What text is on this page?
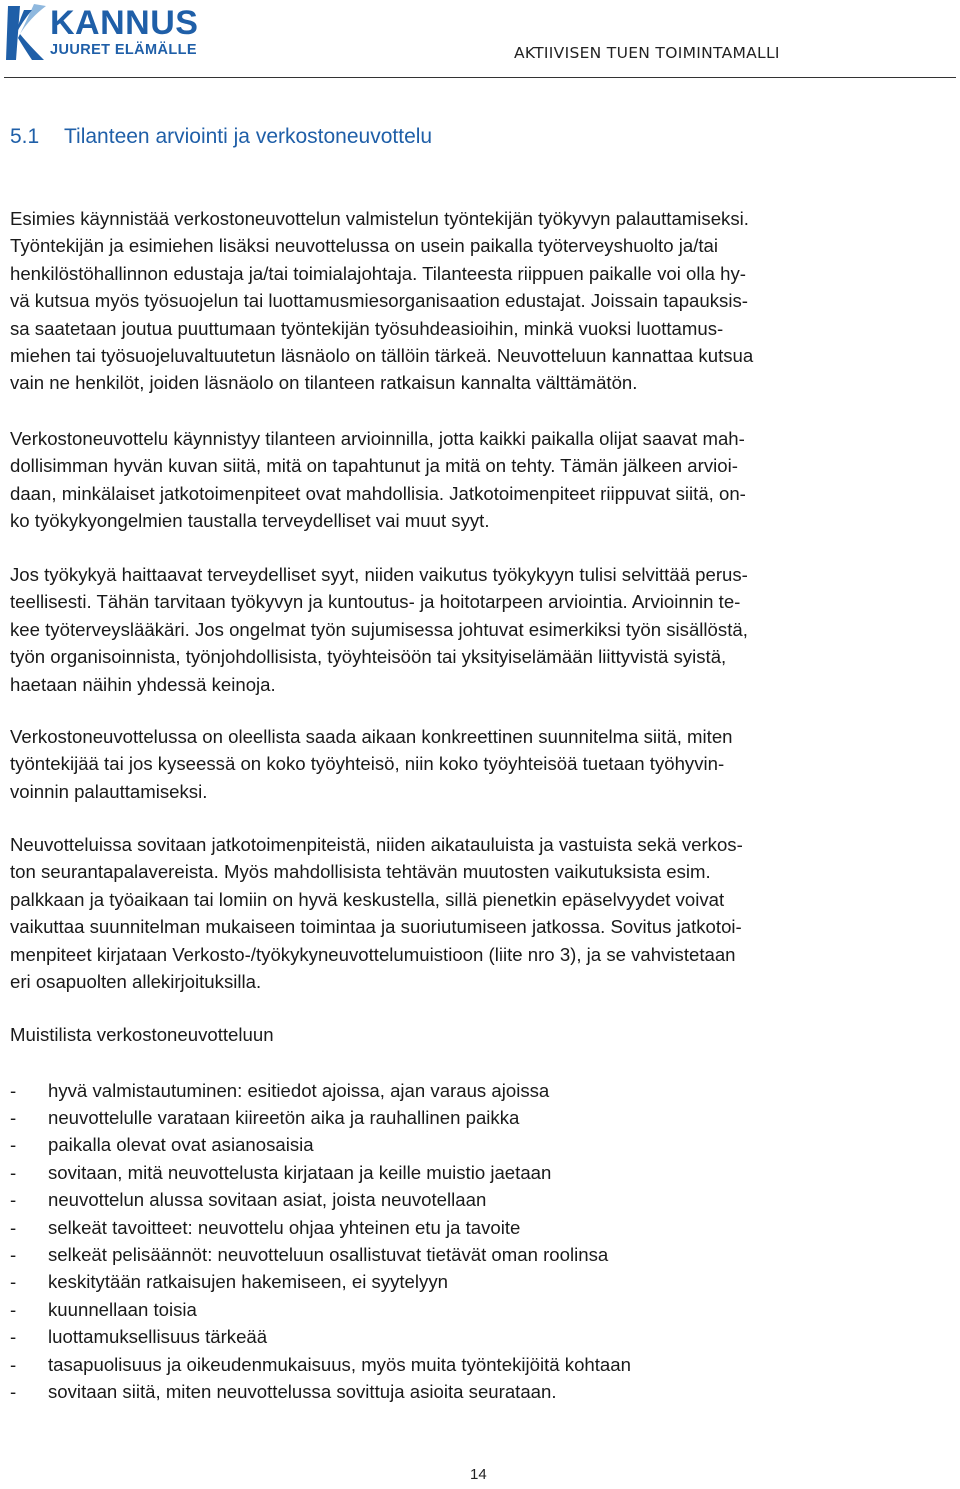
KANNUS
JUURET ELÄMÄLLE	AKTIIVISEN TUEN TOIMINTAMALLI
5.1 Tilanteen arviointi ja verkostoneuvottelu

Esimies käynnistää verkostoneuvottelun valmistelun työntekijän työkyvyn palauttamiseksi.
Työntekijän ja esimiehen lisäksi neuvottelussa on usein paikalla työterveyshuolto ja/tai
henkilöstöhallinnon edustaja ja/tai toimialajohtaja. Tilanteesta riippuen paikalle voi olla hy-
vä kutsua myös työsuojelun tai luottamusmiesorganisaation edustajat. Joissain tapauksis-
sa saatetaan joutua puuttumaan työntekijän työsuhdeasioihin, minkä vuoksi luottamus-
miehen tai työsuojeluvaltuutetun läsnäolo on tällöin tärkeä. Neuvotteluun kannattaa kutsua
vain ne henkilöt, joiden läsnäolo on tilanteen ratkaisun kannalta välttämätön.

Verkostoneuvottelu käynnistyy tilanteen arvioinnilla, jotta kaikki paikalla olijat saavat mah-
dollisimman hyvän kuvan siitä, mitä on tapahtunut ja mitä on tehty. Tämän jälkeen arvioi-
daan, minkälaiset jatkotoimenpiteet ovat mahdollisia. Jatkotoimenpiteet riippuvat siitä, on-
ko työkykyongelmien taustalla terveydelliset vai muut syyt.

Jos työkykyä haittaavat terveydelliset syyt, niiden vaikutus työkykyyn tulisi selvittää perus-
teellisesti. Tähän tarvitaan työkyvyn ja kuntoutus- ja hoitotarpeen arviointia. Arvioinnin te-
kee työterveyslääkäri. Jos ongelmat työn sujumisessa johtuvat esimerkiksi työn sisällöstä,
työn organisoinnista, työnjohdollisista, työyhteisöön tai yksityiselämään liittyvistä syistä,
haetaan näihin yhdessä keinoja.

Verkostoneuvottelussa on oleellista saada aikaan konkreettinen suunnitelma siitä, miten
työntekijää tai jos kyseessä on koko työyhteisö, niin koko työyhteisöä tuetaan työhyvin-
voinnin palauttamiseksi.

Neuvotteluissa sovitaan jatkotoimenpiteistä, niiden aikatauluista ja vastuista sekä verkos-
ton seurantapalavereista. Myös mahdollisista tehtävän muutosten vaikutuksista esim.
palkkaan ja työaikaan tai lomiin on hyvä keskustella, sillä pienetkin epäselvyydet voivat
vaikuttaa suunnitelman mukaiseen toimintaa ja suoriutumiseen jatkossa. Sovitus jatkotoi-
menpiteet kirjataan Verkosto-/työkykyneuvottelumuistioon (liite nro 3), ja se vahvistetaan
eri osapuolten allekirjoituksilla.

Muistilista verkostoneuvotteluun

- hyvä valmistautuminen: esitiedot ajoissa, ajan varaus ajoissa
- neuvottelulle varataan kiireetön aika ja rauhallinen paikka
- paikalla olevat ovat asianosaisia
- sovitaan, mitä neuvottelusta kirjataan ja keille muistio jaetaan
- neuvottelun alussa sovitaan asiat, joista neuvotellaan
- selkeät tavoitteet: neuvottelu ohjaa yhteinen etu ja tavoite
- selkeät pelisäännöt: neuvotteluun osallistuvat tietävät oman roolinsa
- keskitytään ratkaisujen hakemiseen, ei syytelyyn
- kuunnellaan toisia
- luottamuksellisuus tärkeää
- tasapuolisuus ja oikeudenmukaisuus, myös muita työntekijöitä kohtaan
- sovitaan siitä, miten neuvottelussa sovittuja asioita seurataan.
14
